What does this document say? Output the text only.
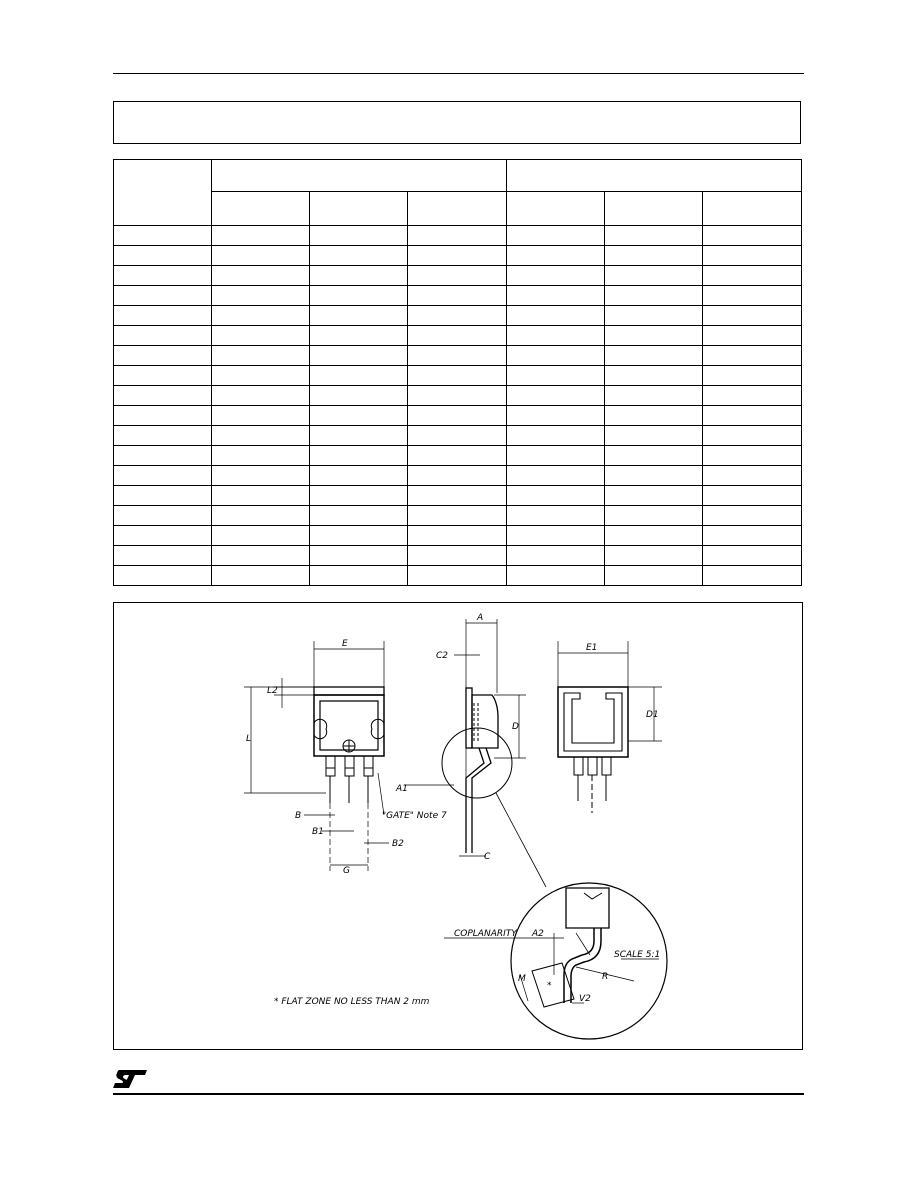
E
L2
L
B
B1
B2
G
"GATE" Note 7
A
C2
D
A1
C
E1
D1
COPLANARITY A2
SCALE 5:1
M	R
V2
*
* FLAT ZONE NO LESS THAN 2 mm
